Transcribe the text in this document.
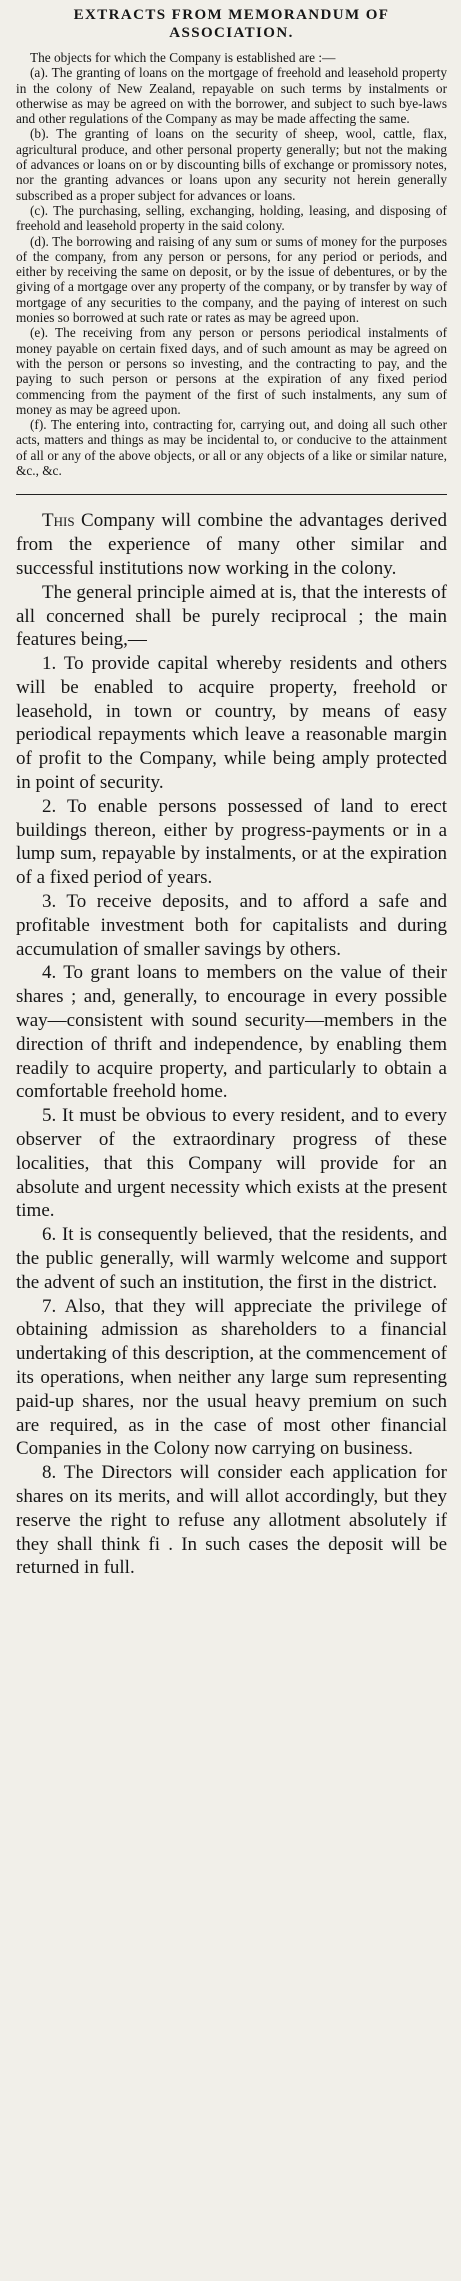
EXTRACTS FROM MEMORANDUM OF ASSOCIATION.

The objects for which the Company is established are :—

(a). The granting of loans on the mortgage of freehold and leasehold property in the colony of New Zealand, repayable on such terms by instalments or otherwise as may be agreed on with the borrower, and subject to such bye-laws and other regulations of the Company as may be made affecting the same.

(b). The granting of loans on the security of sheep, wool, cattle, flax, agricultural produce, and other personal property generally; but not the making of advances or loans on or by discounting bills of exchange or promissory notes, nor the granting advances or loans upon any security not herein generally subscribed as a proper subject for advances or loans.

(c). The purchasing, selling, exchanging, holding, leasing, and disposing of freehold and leasehold property in the said colony.

(d). The borrowing and raising of any sum or sums of money for the purposes of the company, from any person or persons, for any period or periods, and either by receiving the same on deposit, or by the issue of debentures, or by the giving of a mortgage over any property of the company, or by transfer by way of mortgage of any securities to the company, and the paying of interest on such monies so borrowed at such rate or rates as may be agreed upon.

(e). The receiving from any person or persons periodical instalments of money payable on certain fixed days, and of such amount as may be agreed on with the person or persons so investing, and the contracting to pay, and the paying to such person or persons at the expiration of any fixed period commencing from the payment of the first of such instalments, any sum of money as may be agreed upon.

(f). The entering into, contracting for, carrying out, and doing all such other acts, matters and things as may be incidental to, or conducive to the attainment of all or any of the above objects, or all or any objects of a like or similar nature, &c., &c.

This Company will combine the advantages derived from the experience of many other similar and successful institutions now working in the colony.

The general principle aimed at is, that the interests of all concerned shall be purely reciprocal ; the main features being,—

1. To provide capital whereby residents and others will be enabled to acquire property, freehold or leasehold, in town or country, by means of easy periodical repayments which leave a reasonable margin of profit to the Company, while being amply protected in point of security.

2. To enable persons possessed of land to erect buildings thereon, either by progress-payments or in a lump sum, repayable by instalments, or at the expiration of a fixed period of years.

3. To receive deposits, and to afford a safe and profitable investment both for capitalists and during accumulation of smaller savings by others.

4. To grant loans to members on the value of their shares ; and, generally, to encourage in every possible way—consistent with sound security—members in the direction of thrift and independence, by enabling them readily to acquire property, and particularly to obtain a comfortable freehold home.

5. It must be obvious to every resident, and to every observer of the extraordinary progress of these localities, that this Company will provide for an absolute and urgent necessity which exists at the present time.

6. It is consequently believed, that the residents, and the public generally, will warmly welcome and support the advent of such an institution, the first in the district.

7. Also, that they will appreciate the privilege of obtaining admission as shareholders to a financial undertaking of this description, at the commencement of its operations, when neither any large sum representing paid-up shares, nor the usual heavy premium on such are required, as in the case of most other financial Companies in the Colony now carrying on business.

8. The Directors will consider each application for shares on its merits, and will allot accordingly, but they reserve the right to refuse any allotment absolutely if they shall think fi . In such cases the deposit will be returned in full.
